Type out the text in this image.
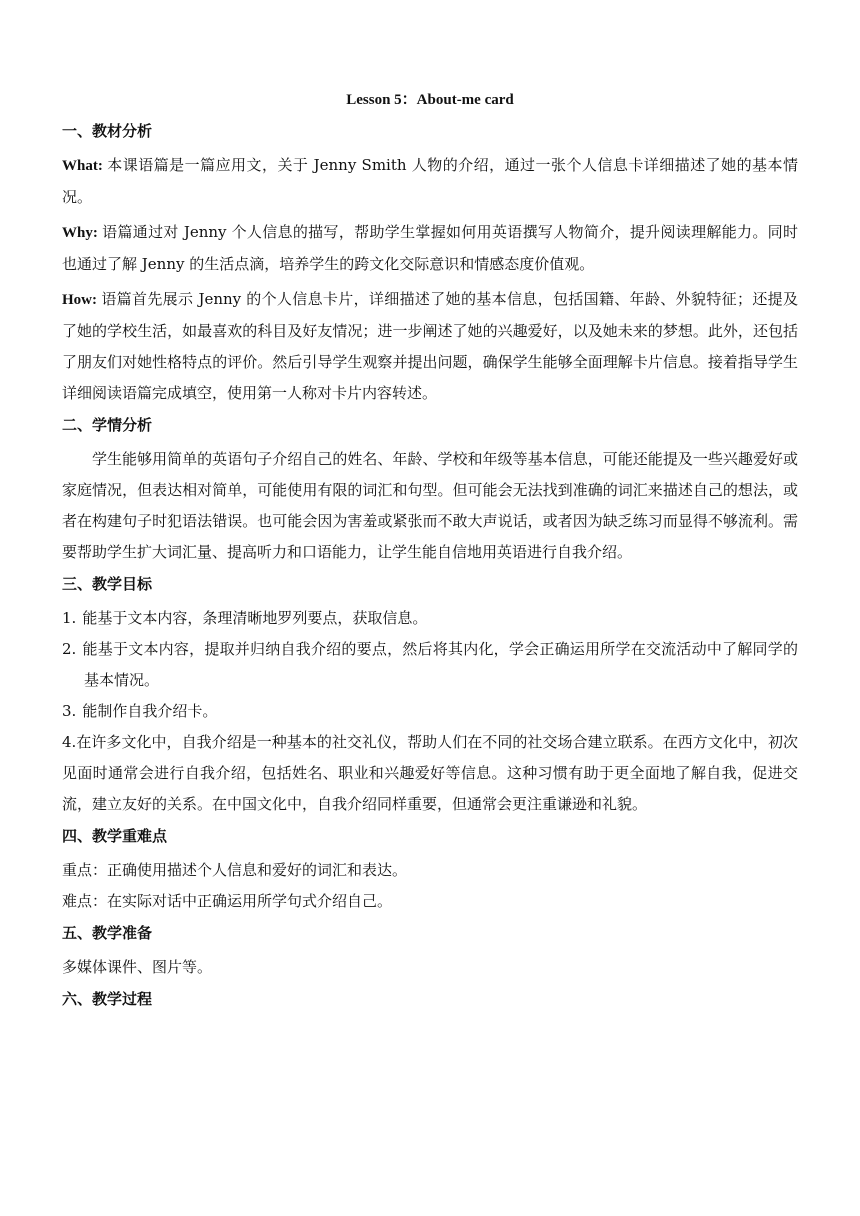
Lesson 5：About-me card
一、教材分析

What: 本课语篇是一篇应用文，关于 Jenny Smith 人物的介绍，通过一张个人信息卡详细描述了她的基本情况。

Why: 语篇通过对 Jenny 个人信息的描写，帮助学生掌握如何用英语撰写人物简介，提升阅读理解能力。同时也通过了解 Jenny 的生活点滴，培养学生的跨文化交际意识和情感态度价值观。

How: 语篇首先展示 Jenny 的个人信息卡片，详细描述了她的基本信息，包括国籍、年龄、外貌特征；还提及了她的学校生活，如最喜欢的科目及好友情况；进一步阐述了她的兴趣爱好，以及她未来的梦想。此外，还包括了朋友们对她性格特点的评价。然后引导学生观察并提出问题，确保学生能够全面理解卡片信息。接着指导学生详细阅读语篇完成填空，使用第一人称对卡片内容转述。

二、学情分析

学生能够用简单的英语句子介绍自己的姓名、年龄、学校和年级等基本信息，可能还能提及一些兴趣爱好或家庭情况，但表达相对简单，可能使用有限的词汇和句型。但可能会无法找到准确的词汇来描述自己的想法，或者在构建句子时犯语法错误。也可能会因为害羞或紧张而不敢大声说话，或者因为缺乏练习而显得不够流利。需要帮助学生扩大词汇量、提高听力和口语能力，让学生能自信地用英语进行自我介绍。

三、教学目标

1. 能基于文本内容，条理清晰地罗列要点，获取信息。

2. 能基于文本内容，提取并归纳自我介绍的要点，然后将其内化，学会正确运用所学在交流活动中了解同学的基本情况。

3. 能制作自我介绍卡。

4.在许多文化中，自我介绍是一种基本的社交礼仪，帮助人们在不同的社交场合建立联系。在西方文化中，初次见面时通常会进行自我介绍，包括姓名、职业和兴趣爱好等信息。这种习惯有助于更全面地了解自我，促进交流，建立友好的关系。在中国文化中，自我介绍同样重要，但通常会更注重谦逊和礼貌。

四、教学重难点

重点：正确使用描述个人信息和爱好的词汇和表达。

难点：在实际对话中正确运用所学句式介绍自己。

五、教学准备

多媒体课件、图片等。

六、教学过程
